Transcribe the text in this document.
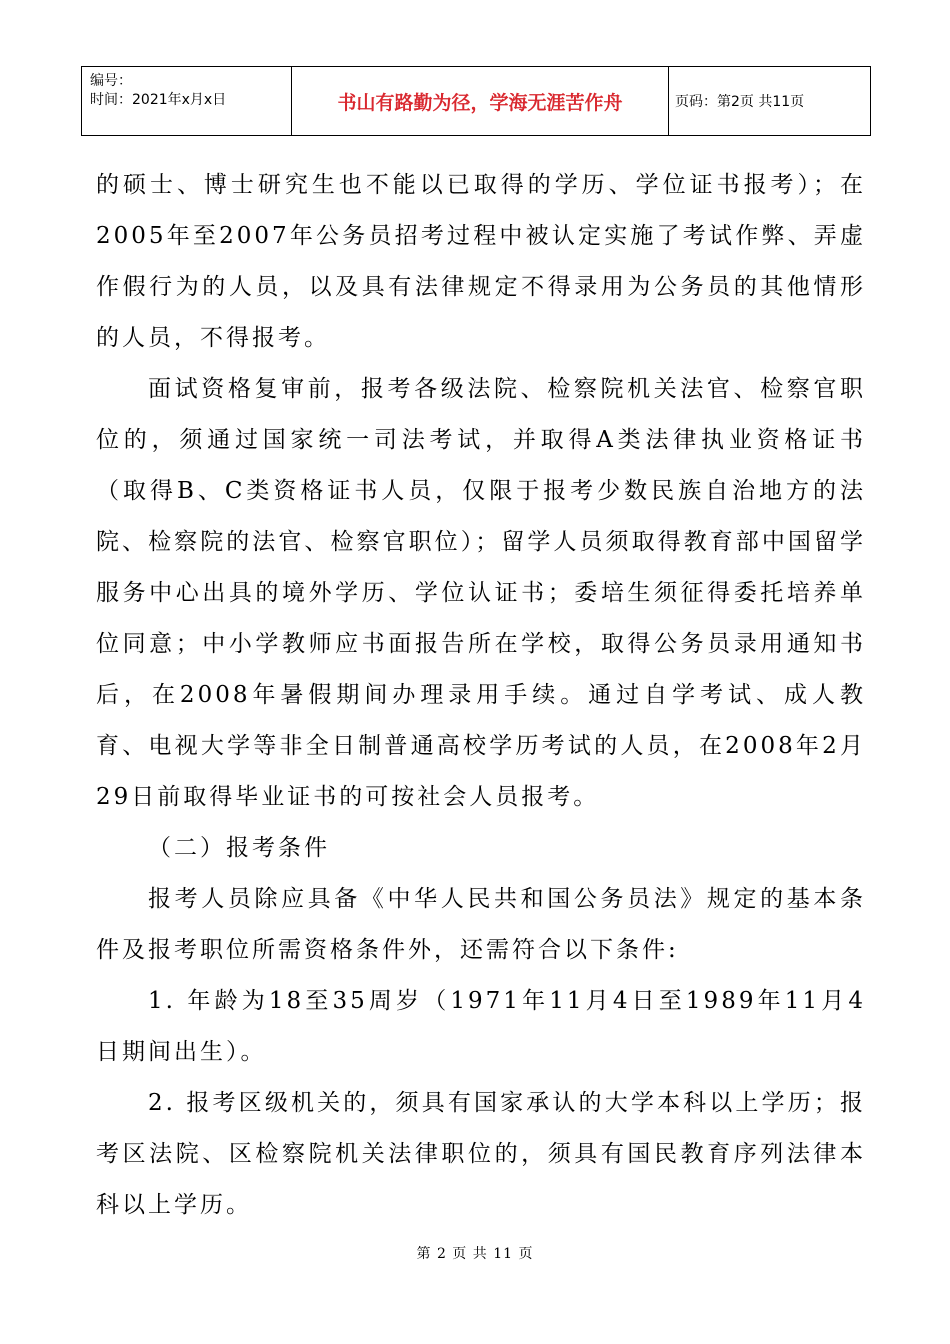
编号：
时间：2021年x月x日	书山有路勤为径，学海无涯苦作舟	页码：第2页 共11页

的硕士、博士研究生也不能以已取得的学历、学位证书报考）；在2005年至2007年公务员招考过程中被认定实施了考试作弊、弄虚作假行为的人员，以及具有法律规定不得录用为公务员的其他情形的人员，不得报考。

面试资格复审前，报考各级法院、检察院机关法官、检察官职位的，须通过国家统一司法考试，并取得A类法律执业资格证书（取得B、C类资格证书人员，仅限于报考少数民族自治地方的法院、检察院的法官、检察官职位）；留学人员须取得教育部中国留学服务中心出具的境外学历、学位认证书；委培生须征得委托培养单位同意；中小学教师应书面报告所在学校，取得公务员录用通知书后，在2008年暑假期间办理录用手续。通过自学考试、成人教育、电视大学等非全日制普通高校学历考试的人员，在2008年2月29日前取得毕业证书的可按社会人员报考。

（二）报考条件

报考人员除应具备《中华人民共和国公务员法》规定的基本条件及报考职位所需资格条件外，还需符合以下条件:

1. 年龄为18至35周岁（1971年11月4日至1989年11月4日期间出生）。

2. 报考区级机关的，须具有国家承认的大学本科以上学历；报考区法院、区检察院机关法律职位的，须具有国民教育序列法律本科以上学历。

第 2 页 共 11 页
